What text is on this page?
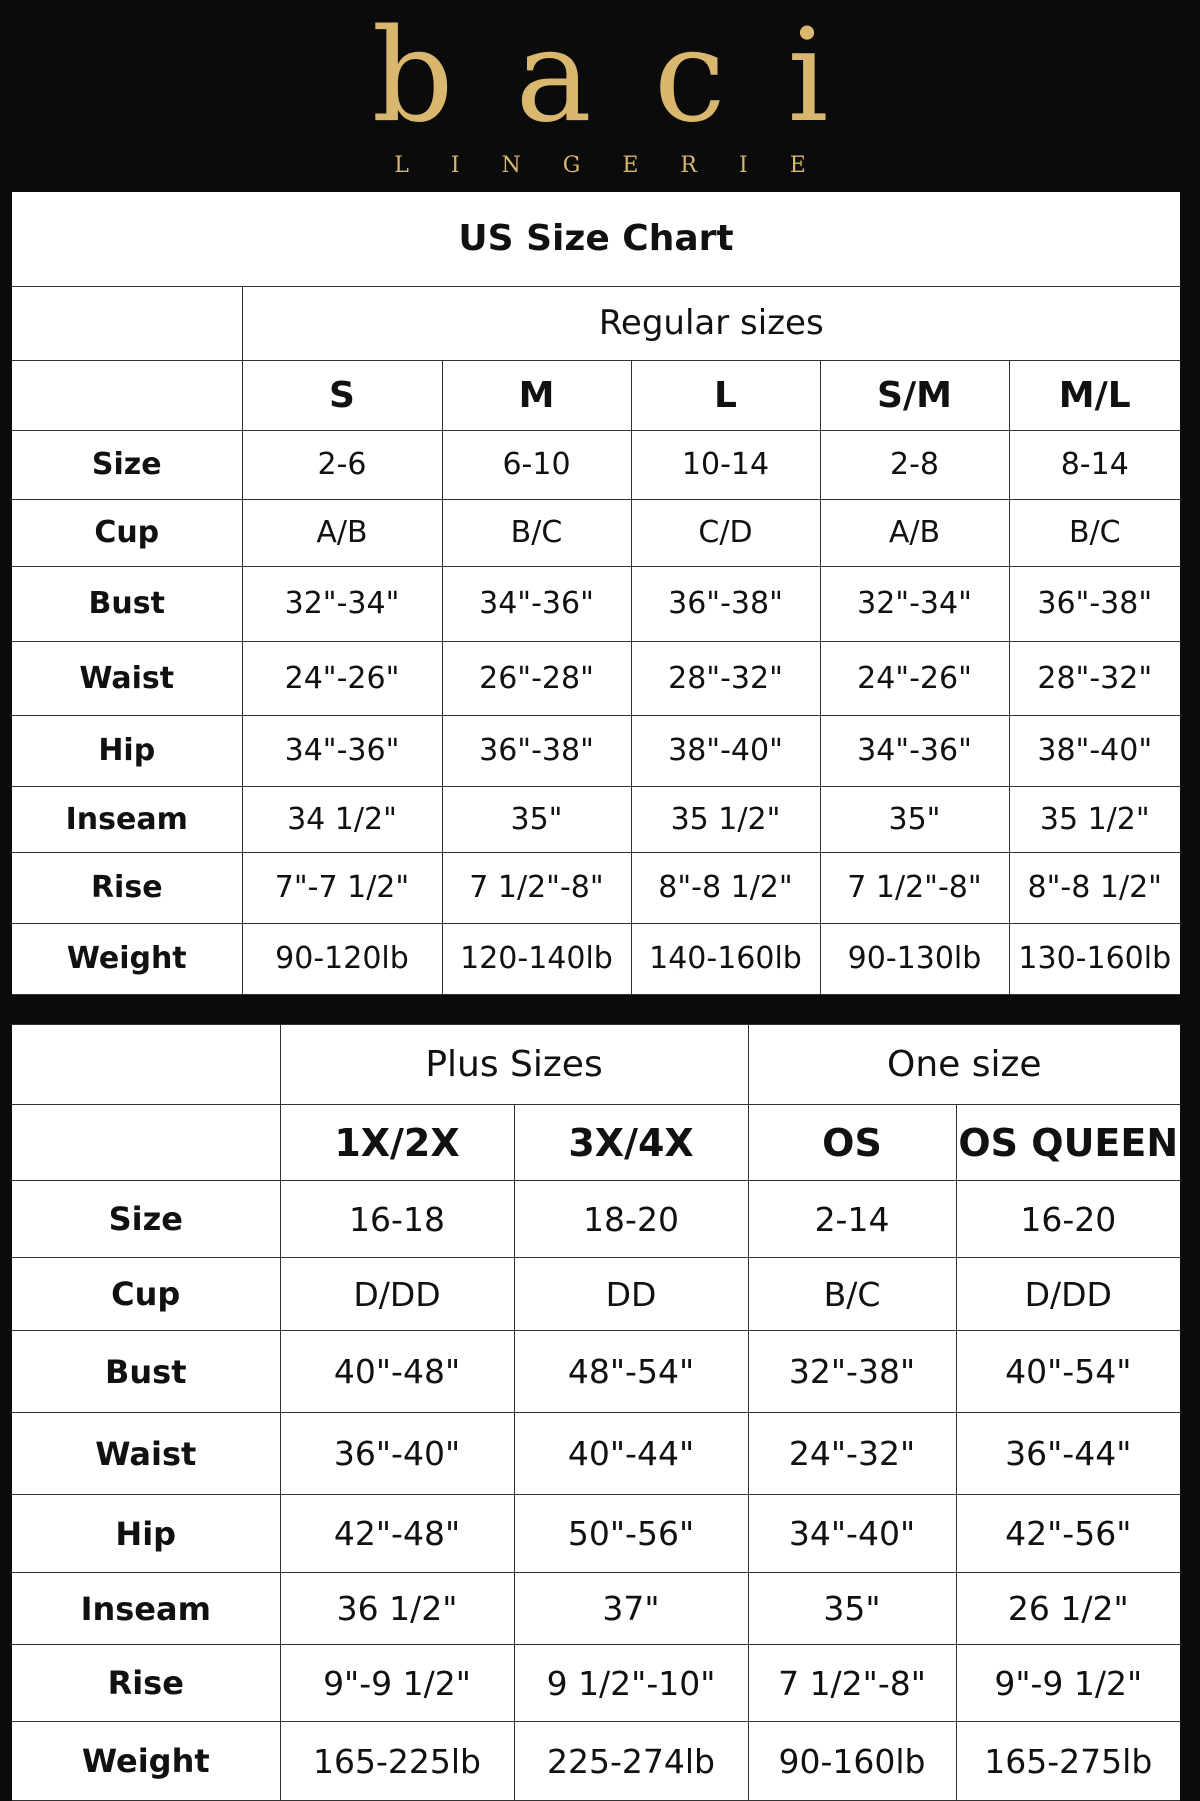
baci
LINGERIE
US Size Chart					
	Regular sizes				
	S	M	L	S/M	M/L
Size	2-6	6-10	10-14	2-8	8-14
Cup	A/B	B/C	C/D	A/B	B/C
Bust	32"-34"	34"-36"	36"-38"	32"-34"	36"-38"
Waist	24"-26"	26"-28"	28"-32"	24"-26"	28"-32"
Hip	34"-36"	36"-38"	38"-40"	34"-36"	38"-40"
Inseam	34 1/2"	35"	35 1/2"	35"	35 1/2"
Rise	7"-7 1/2"	7 1/2"-8"	8"-8 1/2"	7 1/2"-8"	8"-8 1/2"
Weight	90-120lb	120-140lb	140-160lb	90-130lb	130-160lb
	Plus Sizes		One size	
	1X/2X	3X/4X	OS	OS QUEEN
Size	16-18	18-20	2-14	16-20
Cup	D/DD	DD	B/C	D/DD
Bust	40"-48"	48"-54"	32"-38"	40"-54"
Waist	36"-40"	40"-44"	24"-32"	36"-44"
Hip	42"-48"	50"-56"	34"-40"	42"-56"
Inseam	36 1/2"	37"	35"	26 1/2"
Rise	9"-9 1/2"	9 1/2"-10"	7 1/2"-8"	9"-9 1/2"
Weight	165-225lb	225-274lb	90-160lb	165-275lb
